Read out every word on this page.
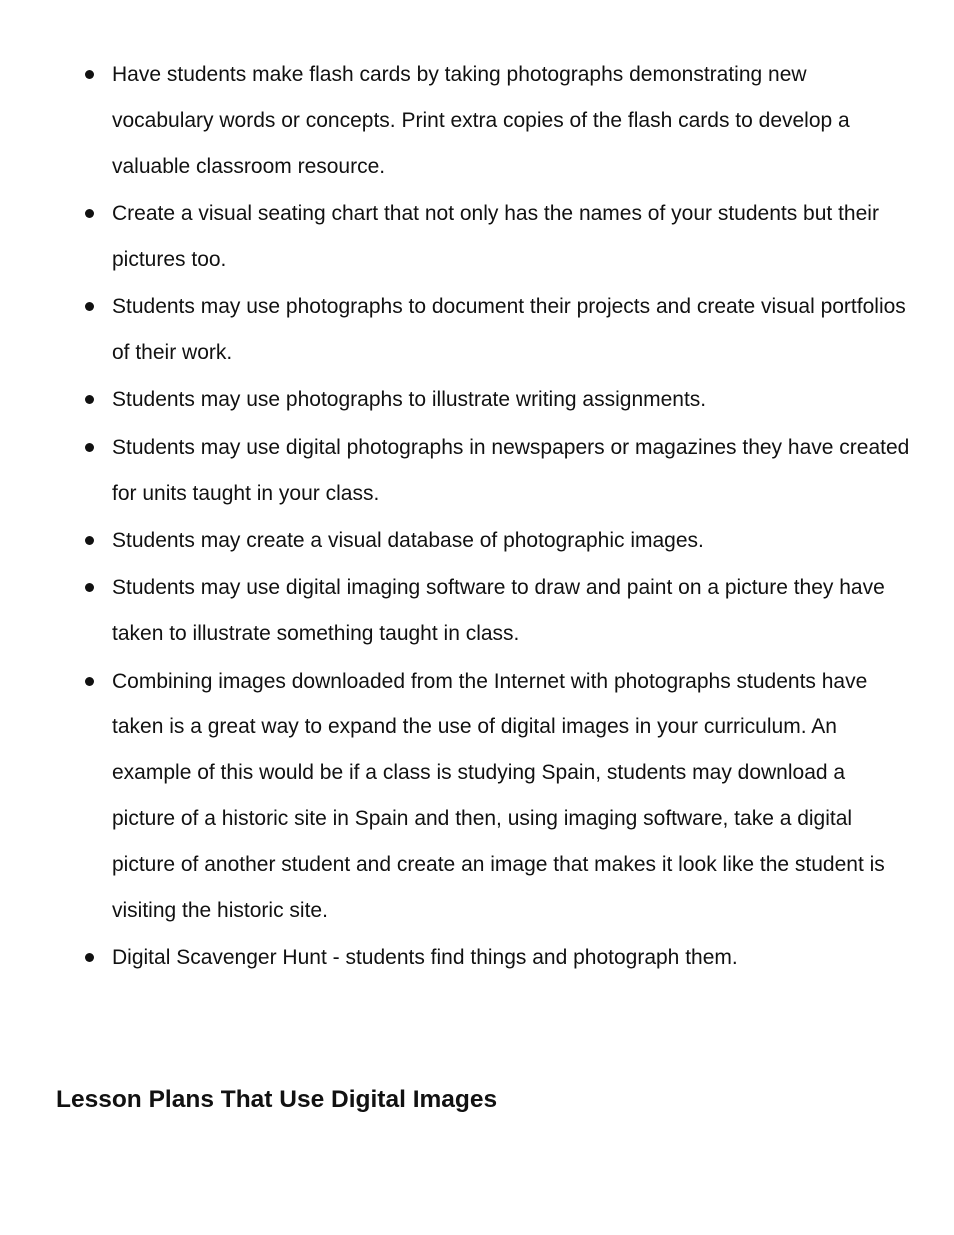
Have students make flash cards by taking photographs demonstrating new vocabulary words or concepts. Print extra copies of the flash cards to develop a valuable classroom resource.
Create a visual seating chart that not only has the names of your students but their pictures too.
Students may use photographs to document their projects and create visual portfolios of their work.
Students may use photographs to illustrate writing assignments.
Students may use digital photographs in newspapers or magazines they have created for units taught in your class.
Students may create a visual database of photographic images.
Students may use digital imaging software to draw and paint on a picture they have taken to illustrate something taught in class.
Combining images downloaded from the Internet with photographs students have taken is a great way to expand the use of digital images in your curriculum. An example of this would be if a class is studying Spain, students may download a picture of a historic site in Spain and then, using imaging software, take a digital picture of another student and create an image that makes it look like the student is visiting the historic site.
Digital Scavenger Hunt - students find things and photograph them.
Lesson Plans That Use Digital Images
